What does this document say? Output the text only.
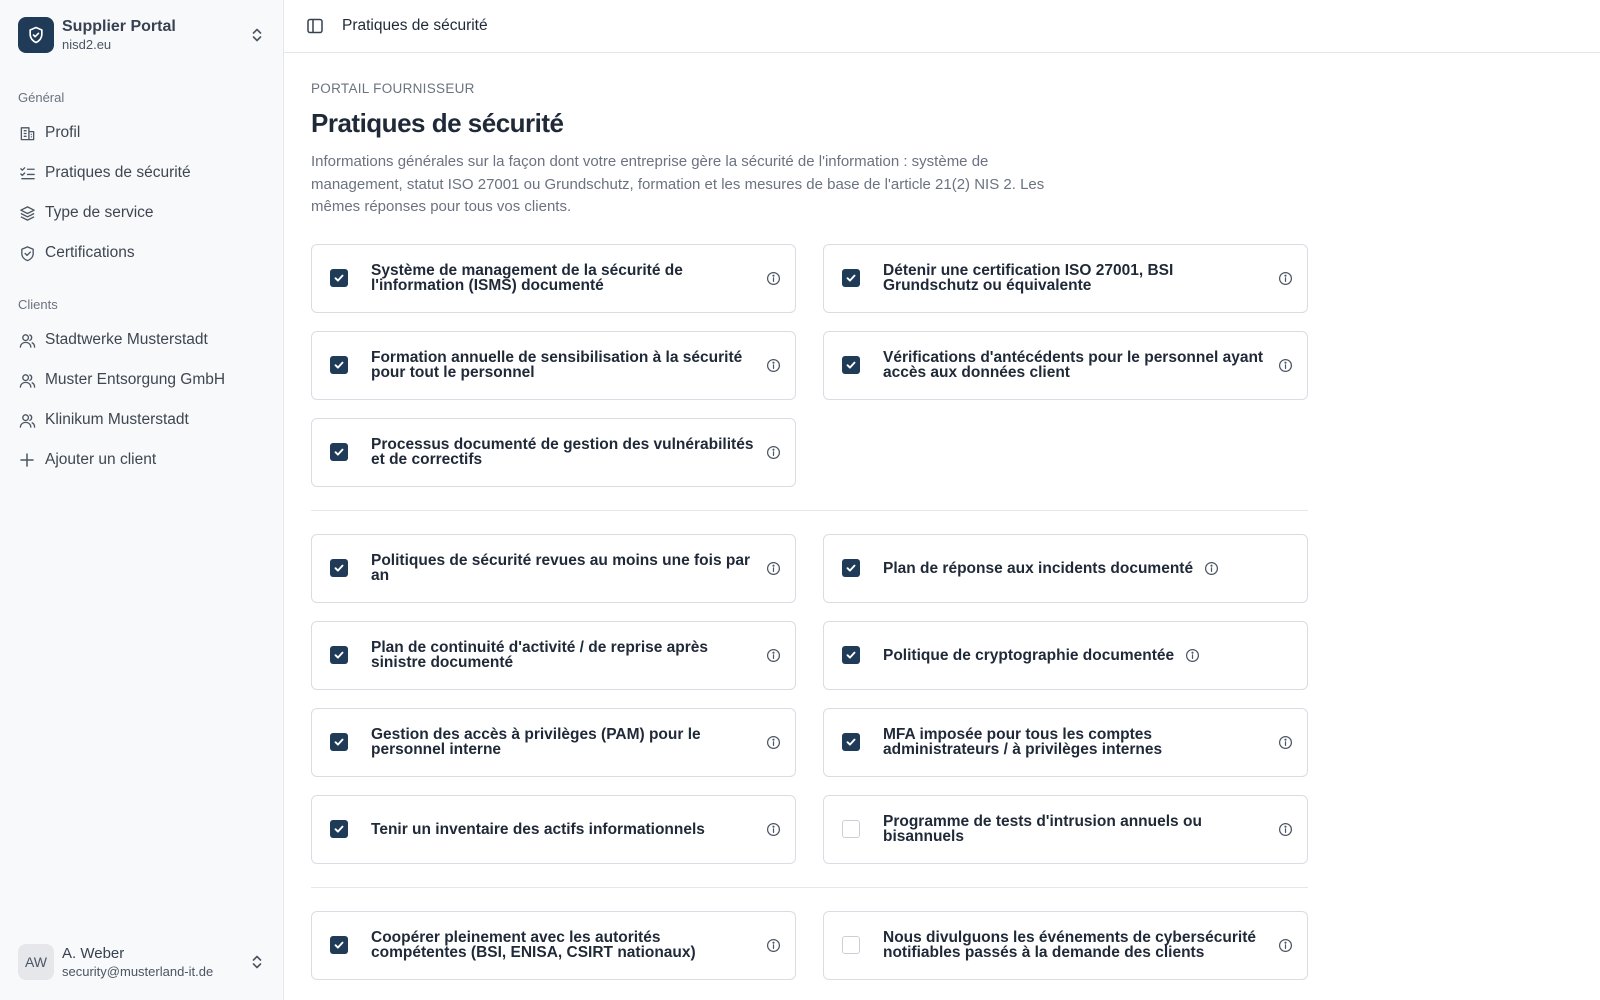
Supplier Portal
nisd2.eu
Général
Profil
Pratiques de sécurité
Type de service
Certifications
Clients
Stadtwerke Musterstadt
Muster Entsorgung GmbH
Klinikum Musterstadt
Ajouter un client
AW A. Weber
security@musterland-it.de
Pratiques de sécurité
PORTAIL FOURNISSEUR
Pratiques de sécurité
Informations générales sur la façon dont votre entreprise gère la sécurité de l'information : système de management, statut ISO 27001 ou Grundschutz, formation et les mesures de base de l'article 21(2) NIS 2. Les mêmes réponses pour tous vos clients.
Système de management de la sécurité de l'information (ISMS) documenté
Détenir une certification ISO 27001, BSI Grundschutz ou équivalente
Formation annuelle de sensibilisation à la sécurité pour tout le personnel
Vérifications d'antécédents pour le personnel ayant accès aux données client
Processus documenté de gestion des vulnérabilités et de correctifs
Politiques de sécurité revues au moins une fois par an	Plan de réponse aux incidents documenté
Plan de continuité d'activité / de reprise après sinistre documenté	Politique de cryptographie documentée
Gestion des accès à privilèges (PAM) pour le personnel interne
MFA imposée pour tous les comptes administrateurs / à privilèges internes
Tenir un inventaire des actifs informationnels	Programme de tests d'intrusion annuels ou bisannuels
Coopérer pleinement avec les autorités compétentes (BSI, ENISA, CSIRT nationaux)
Nous divulguons les événements de cybersécurité notifiables passés à la demande des clients
